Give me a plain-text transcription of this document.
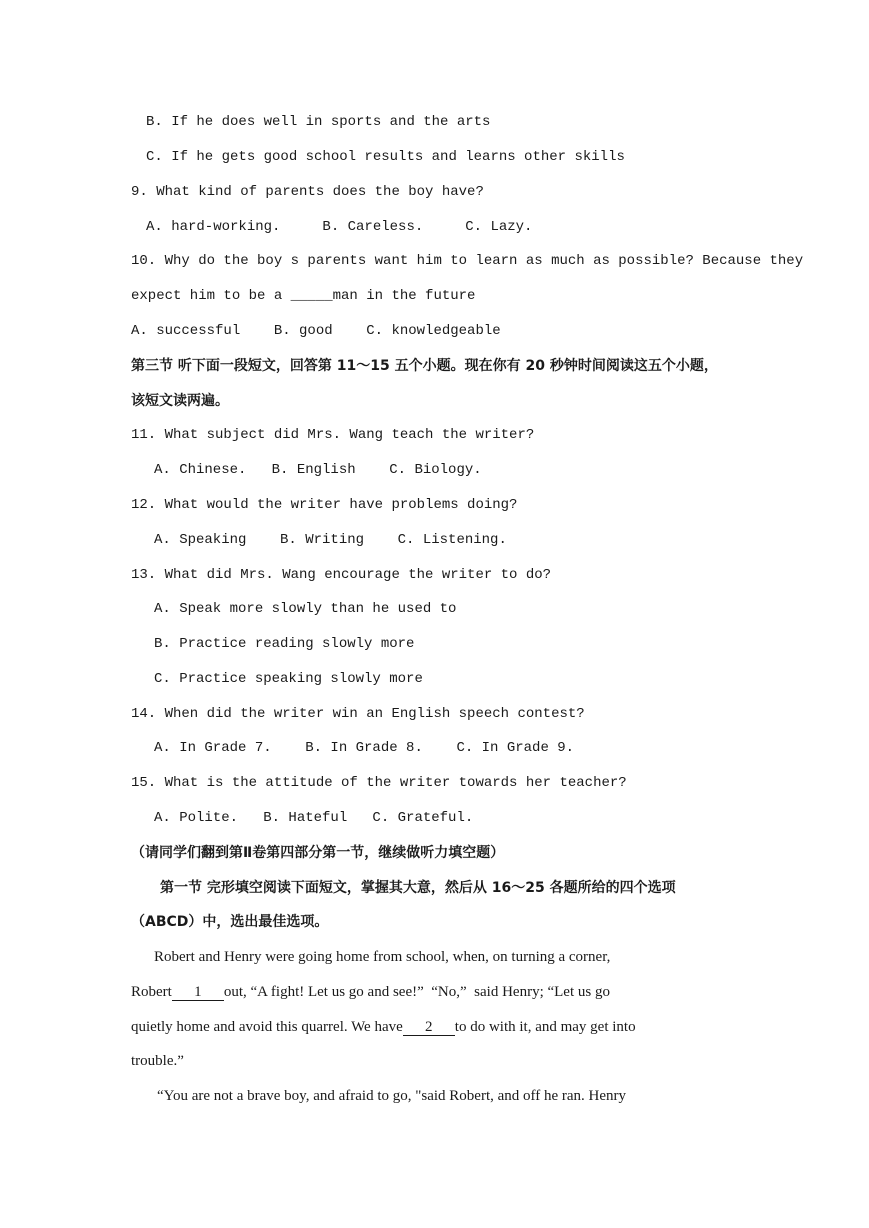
B. If he does well in sports and the arts
C. If he gets good school results and learns other skills
9. What kind of parents does the boy have?
A. hard-working.     B. Careless.     C. Lazy.
10. Why do the boy s parents want him to learn as much as possible? Because they
expect him to be a _____man in the future
A. successful    B. good    C. knowledgeable
第三节 听下面一段短文，回答第 11～15 五个小题。现在你有 20 秒钟时间阅读这五个小题，
该短文读两遍。
11. What subject did Mrs. Wang teach the writer?
A. Chinese.   B. English    C. Biology.
12. What would the writer have problems doing?
A. Speaking    B. Writing    C. Listening.
13. What did Mrs. Wang encourage the writer to do?
A. Speak more slowly than he used to
B. Practice reading slowly more
C. Practice speaking slowly more
14. When did the writer win an English speech contest?
A. In Grade 7.    B. In Grade 8.    C. In Grade 9.
15. What is the attitude of the writer towards her teacher?
A. Polite.   B. Hateful   C. Grateful.
（请同学们翻到第Ⅱ卷第四部分第一节，继续做听力填空题）
第一节 完形填空阅读下面短文，掌握其大意，然后从 16～25 各题所给的四个选项
（ABCD）中，选出最佳选项。
Robert and Henry were going home from school, when, on turning a corner,
Robert 1 out, “A fight! Let us go and see!”  “No,”  said Henry; “Let us go
quietly home and avoid this quarrel. We have 2 to do with it, and may get into
trouble.”
“You are not a brave boy, and afraid to go, "said Robert, and off he ran. Henry
